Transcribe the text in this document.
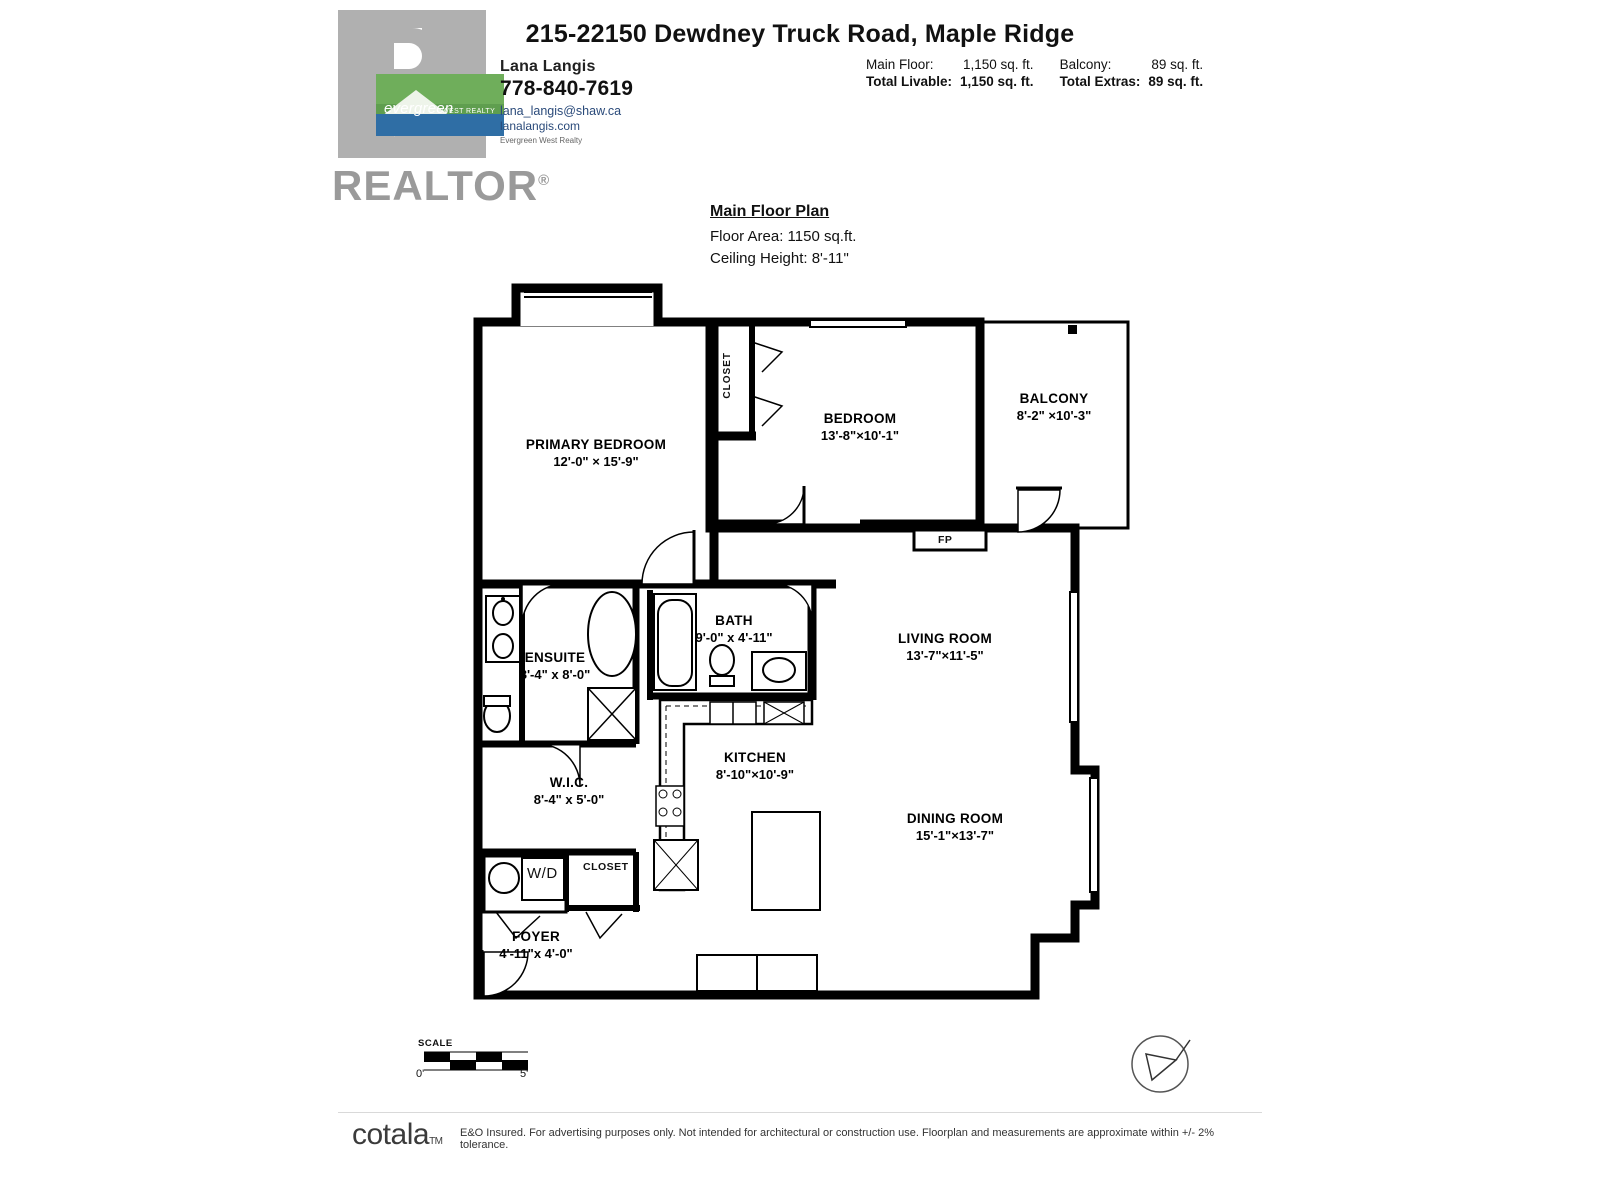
evergreen
WEST REALTY
REALTOR®
Lana Langis
778-840-7619
lana_langis@shaw.ca
lanalangis.com
Evergreen West Realty
215-22150 Dewdney Truck Road, Maple Ridge
Main Floor:	1,150 sq. ft.	Balcony:	89 sq. ft.
Total Livable:	1,150 sq. ft.	Total Extras:	89 sq. ft.
Main Floor Plan
Floor Area: 1150 sq.ft.
Ceiling Height: 8'-11"
PRIMARY BEDROOM
12'-0" × 15'-9"
BEDROOM
13'-8"×10'-1"
BALCONY
8'-2" ×10'-3"
LIVING ROOM
13'-7"×11'-5"
DINING ROOM
15'-1"×13'-7"
KITCHEN
8'-10"×10'-9"
BATH
9'-0" x 4'-11"
ENSUITE
8'-4" x 8'-0"
W.I.C.
8'-4" x 5'-0"
FOYER
4'-11"x 4'-0"
CLOSET
CLOSET
FP
W/D
SCALE
0'	5'
cotalaTM
E&O Insured. For advertising purposes only. Not intended for architectural or construction use. Floorplan and measurements are approximate within +/- 2% tolerance.
